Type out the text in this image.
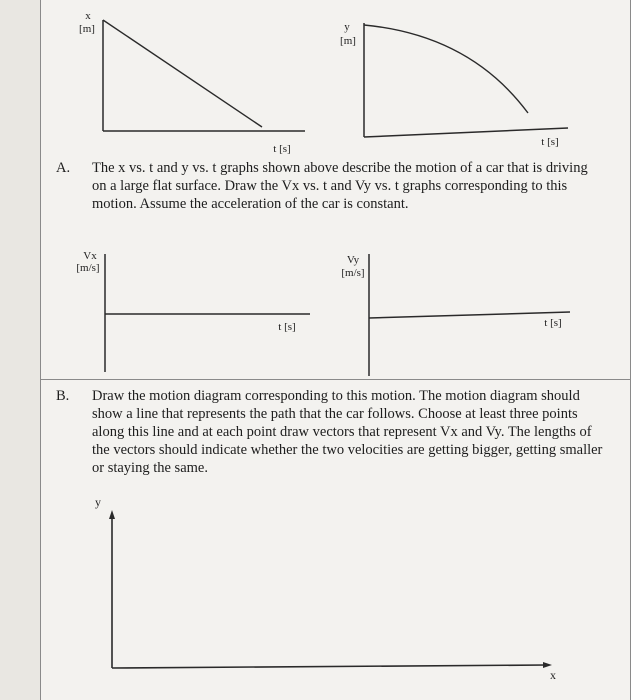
x
[m]
t [s]
y
[m]
t [s]
A. The x vs. t and y vs. t graphs shown above describe the motion of a car that is driving on a large flat surface. Draw the Vx vs. t and Vy vs. t graphs corresponding to this motion. Assume the acceleration of the car is constant.
Vx
[m/s]
t [s]
Vy
[m/s]
t [s]
B. Draw the motion diagram corresponding to this motion. The motion diagram should show a line that represents the path that the car follows. Choose at least three points along this line and at each point draw vectors that represent Vx and Vy. The lengths of the vectors should indicate whether the two velocities are getting bigger, getting smaller or staying the same.
y
x
